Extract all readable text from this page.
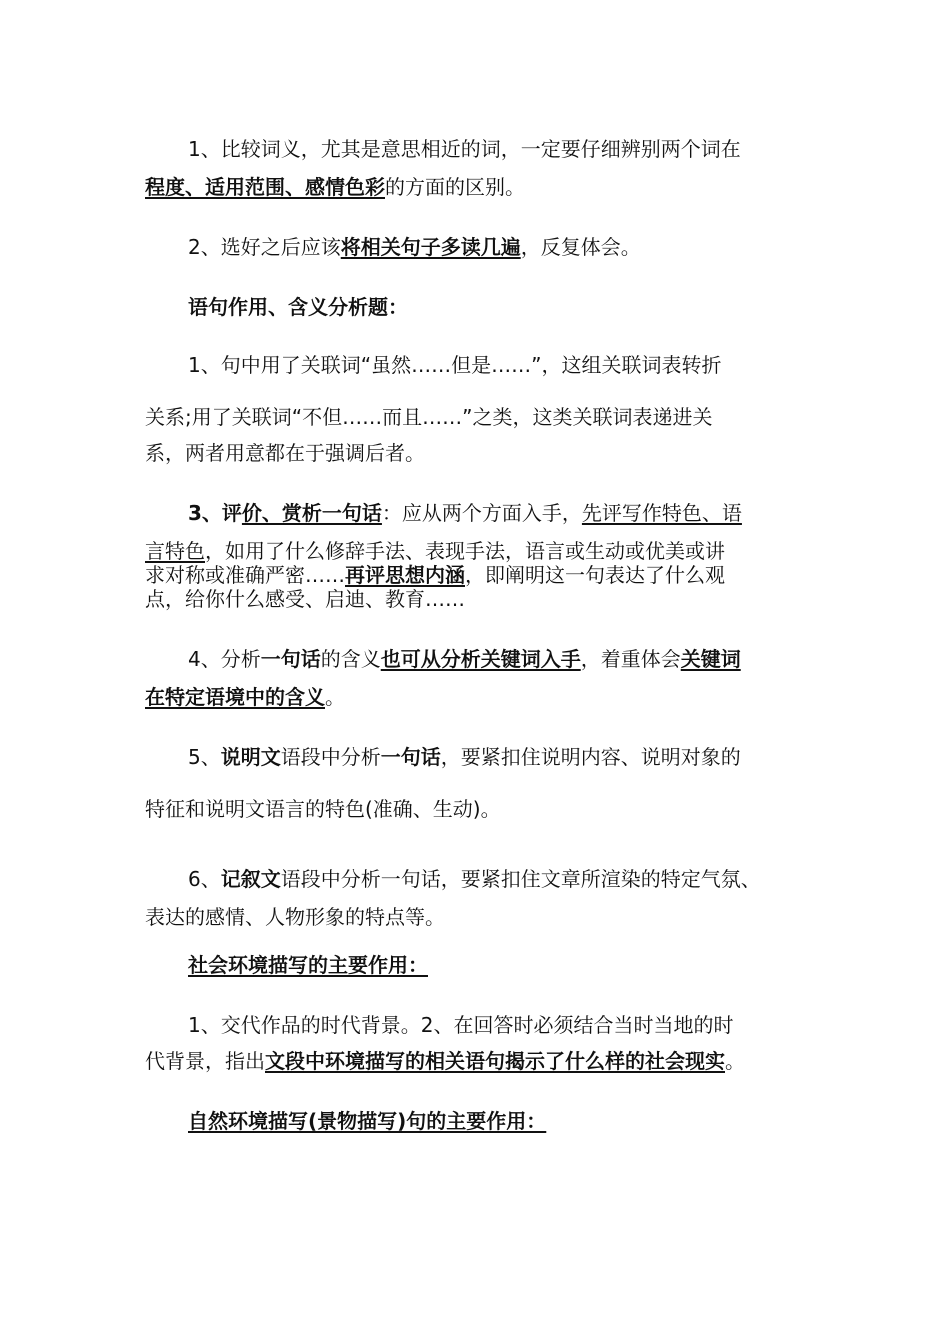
1、比较词义，尤其是意思相近的词，一定要仔细辨别两个词在
程度、适用范围、感情色彩的方面的区别。
2、选好之后应该将相关句子多读几遍，反复体会。
语句作用、含义分析题：
1、句中用了关联词“虽然……但是……”，这组关联词表转折
关系;用了关联词“不但……而且……”之类，这类关联词表递进关
系，两者用意都在于强调后者。
3、评价、赏析一句话：应从两个方面入手，先评写作特色、语
言特色，如用了什么修辞手法、表现手法，语言或生动或优美或讲
求对称或准确严密……再评思想内涵，即阐明这一句表达了什么观
点，给你什么感受、启迪、教育……
4、分析一句话的含义也可从分析关键词入手，着重体会关键词
在特定语境中的含义。
5、说明文语段中分析一句话，要紧扣住说明内容、说明对象的
特征和说明文语言的特色(准确、生动)。
6、记叙文语段中分析一句话，要紧扣住文章所渲染的特定气氛、
表达的感情、人物形象的特点等。
社会环境描写的主要作用：
1、交代作品的时代背景。2、在回答时必须结合当时当地的时
代背景，指出文段中环境描写的相关语句揭示了什么样的社会现实。
自然环境描写(景物描写)句的主要作用：
